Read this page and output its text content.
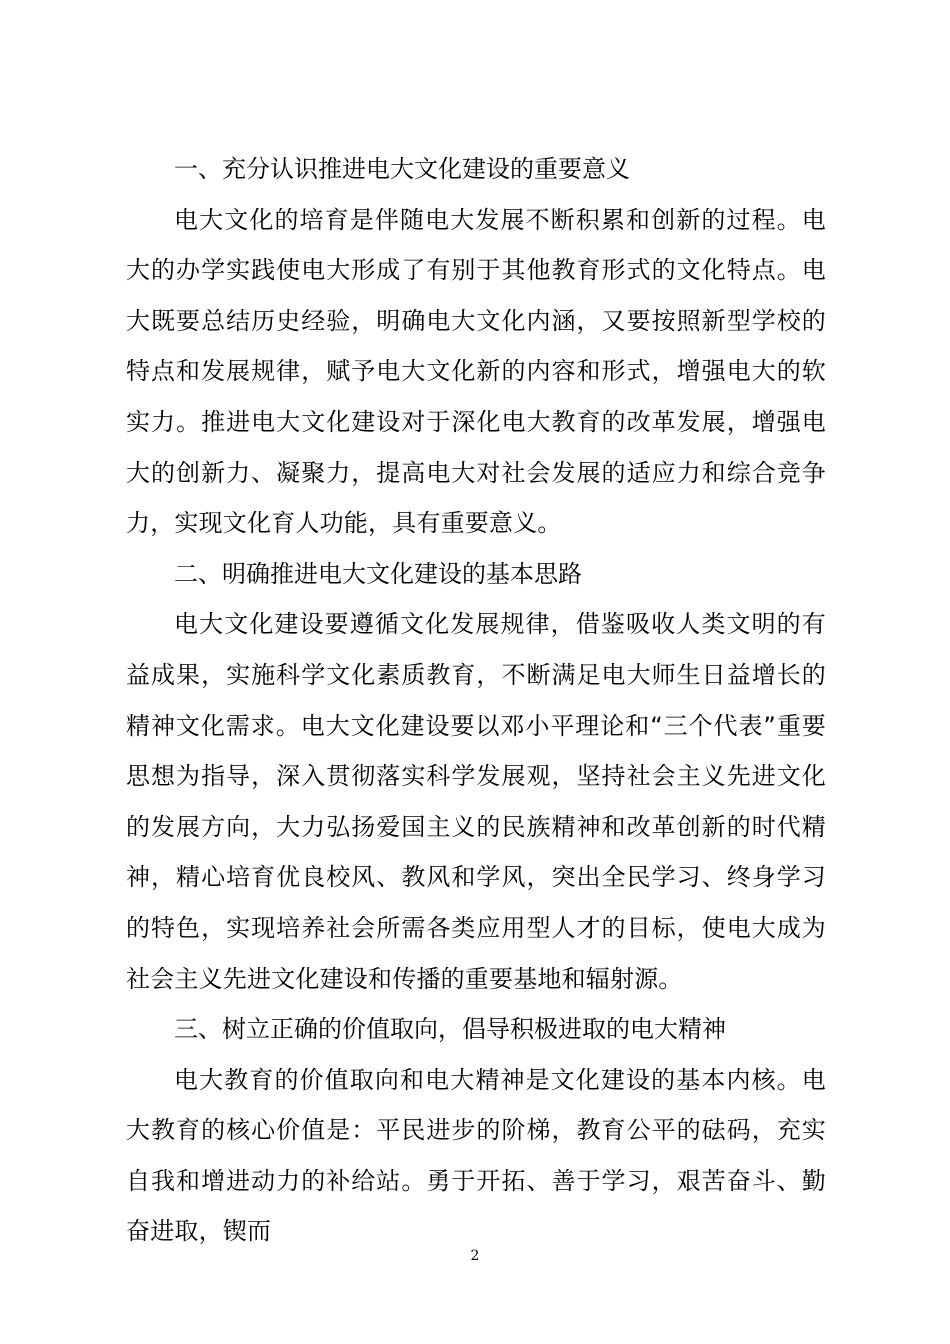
一、充分认识推进电大文化建设的重要意义

电大文化的培育是伴随电大发展不断积累和创新的过程。电大的办学实践使电大形成了有别于其他教育形式的文化特点。电大既要总结历史经验，明确电大文化内涵，又要按照新型学校的特点和发展规律，赋予电大文化新的内容和形式，增强电大的软实力。推进电大文化建设对于深化电大教育的改革发展，增强电大的创新力、凝聚力，提高电大对社会发展的适应力和综合竞争力，实现文化育人功能，具有重要意义。

二、明确推进电大文化建设的基本思路

电大文化建设要遵循文化发展规律，借鉴吸收人类文明的有益成果，实施科学文化素质教育，不断满足电大师生日益增长的精神文化需求。电大文化建设要以邓小平理论和“三个代表”重要思想为指导，深入贯彻落实科学发展观，坚持社会主义先进文化的发展方向，大力弘扬爱国主义的民族精神和改革创新的时代精神，精心培育优良校风、教风和学风，突出全民学习、终身学习的特色，实现培养社会所需各类应用型人才的目标，使电大成为社会主义先进文化建设和传播的重要基地和辐射源。

三、树立正确的价值取向，倡导积极进取的电大精神

电大教育的价值取向和电大精神是文化建设的基本内核。电大教育的核心价值是：平民进步的阶梯，教育公平的砝码，充实自我和增进动力的补给站。勇于开拓、善于学习，艰苦奋斗、勤奋进取，锲而

2
